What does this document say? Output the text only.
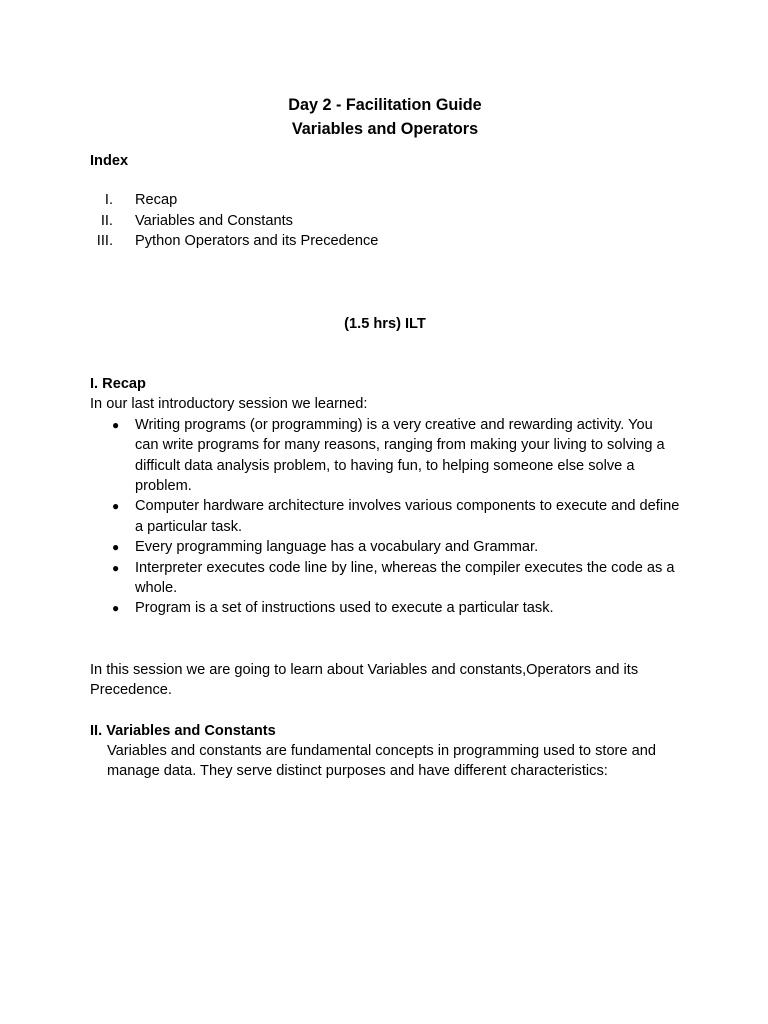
Day 2 - Facilitation Guide
Variables and Operators
Index
I. Recap
II. Variables and Constants
III. Python Operators and its Precedence
(1.5 hrs) ILT
I. Recap
In our last introductory session we learned:
● Writing programs (or programming) is a very creative and rewarding activity. You can write programs for many reasons, ranging from making your living to solving a difficult data analysis problem, to having fun, to helping someone else solve a problem.
● Computer hardware architecture involves various components to execute and define a particular task.
● Every programming language has a vocabulary and Grammar.
● Interpreter executes code line by line, whereas the compiler executes the code as a whole.
● Program is a set of instructions used to execute a particular task.
In this session we are going to learn about Variables and constants,Operators and its Precedence.
II. Variables and Constants
Variables and constants are fundamental concepts in programming used to store and manage data. They serve distinct purposes and have different characteristics:
